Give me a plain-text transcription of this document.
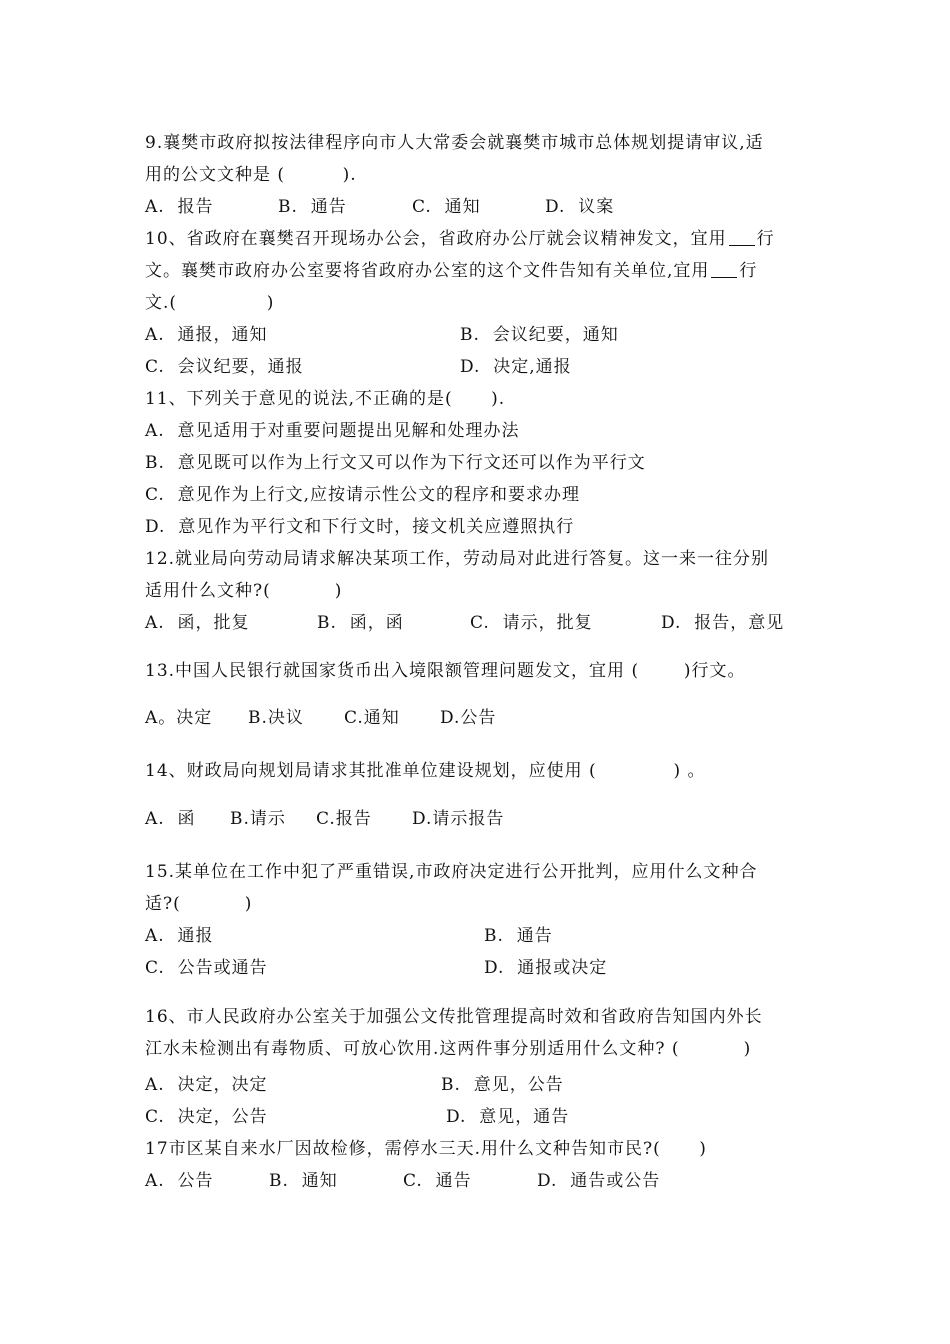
9.襄樊市政府拟按法律程序向市人大常委会就襄樊市城市总体规划提请审议,适
用的公文文种是 (         ).
A.  报告	B.  通告	C.  通知	D.  议案
10、省政府在襄樊召开现场办公会，省政府办公厅就会议精神发文，宜用 行
文。襄樊市政府办公室要将省政府办公室的这个文件告知有关单位,宜用 行
文.(              )
A.  通报，通知	B.  会议纪要，通知
C.  会议纪要，通报	D.  决定,通报
11、下列关于意见的说法,不正确的是(      ).
A.  意见适用于对重要问题提出见解和处理办法
B.  意见既可以作为上行文又可以作为下行文还可以作为平行文
C.  意见作为上行文,应按请示性公文的程序和要求办理
D.  意见作为平行文和下行文时，接文机关应遵照执行
12.就业局向劳动局请求解决某项工作，劳动局对此进行答复。这一来一往分别
适用什么文种?(          )
A.  函，批复	B.  函，函	C.  请示，批复	D.  报告，意见
13.中国人民银行就国家货币出入境限额管理问题发文，宜用 (       )行文。
A。决定 B.决议 C.通知 D.公告
14、财政局向规划局请求其批准单位建设规划，应使用 (            ) 。
A.  函 B.请示 C.报告 D.请示报告
15.某单位在工作中犯了严重错误,市政府决定进行公开批判，应用什么文种合
适?(          )
A.  通报	B.  通告
C.  公告或通告	D.  通报或决定
16、市人民政府办公室关于加强公文传批管理提高时效和省政府告知国内外长
江水未检测出有毒物质、可放心饮用.这两件事分别适用什么文种? (          )
A.  决定，决定	B.  意见，公告
C.  决定，公告	D.  意见，通告
17市区某自来水厂因故检修，需停水三天.用什么文种告知市民?(      )
A.  公告	B.  通知	C.  通告	D.  通告或公告
